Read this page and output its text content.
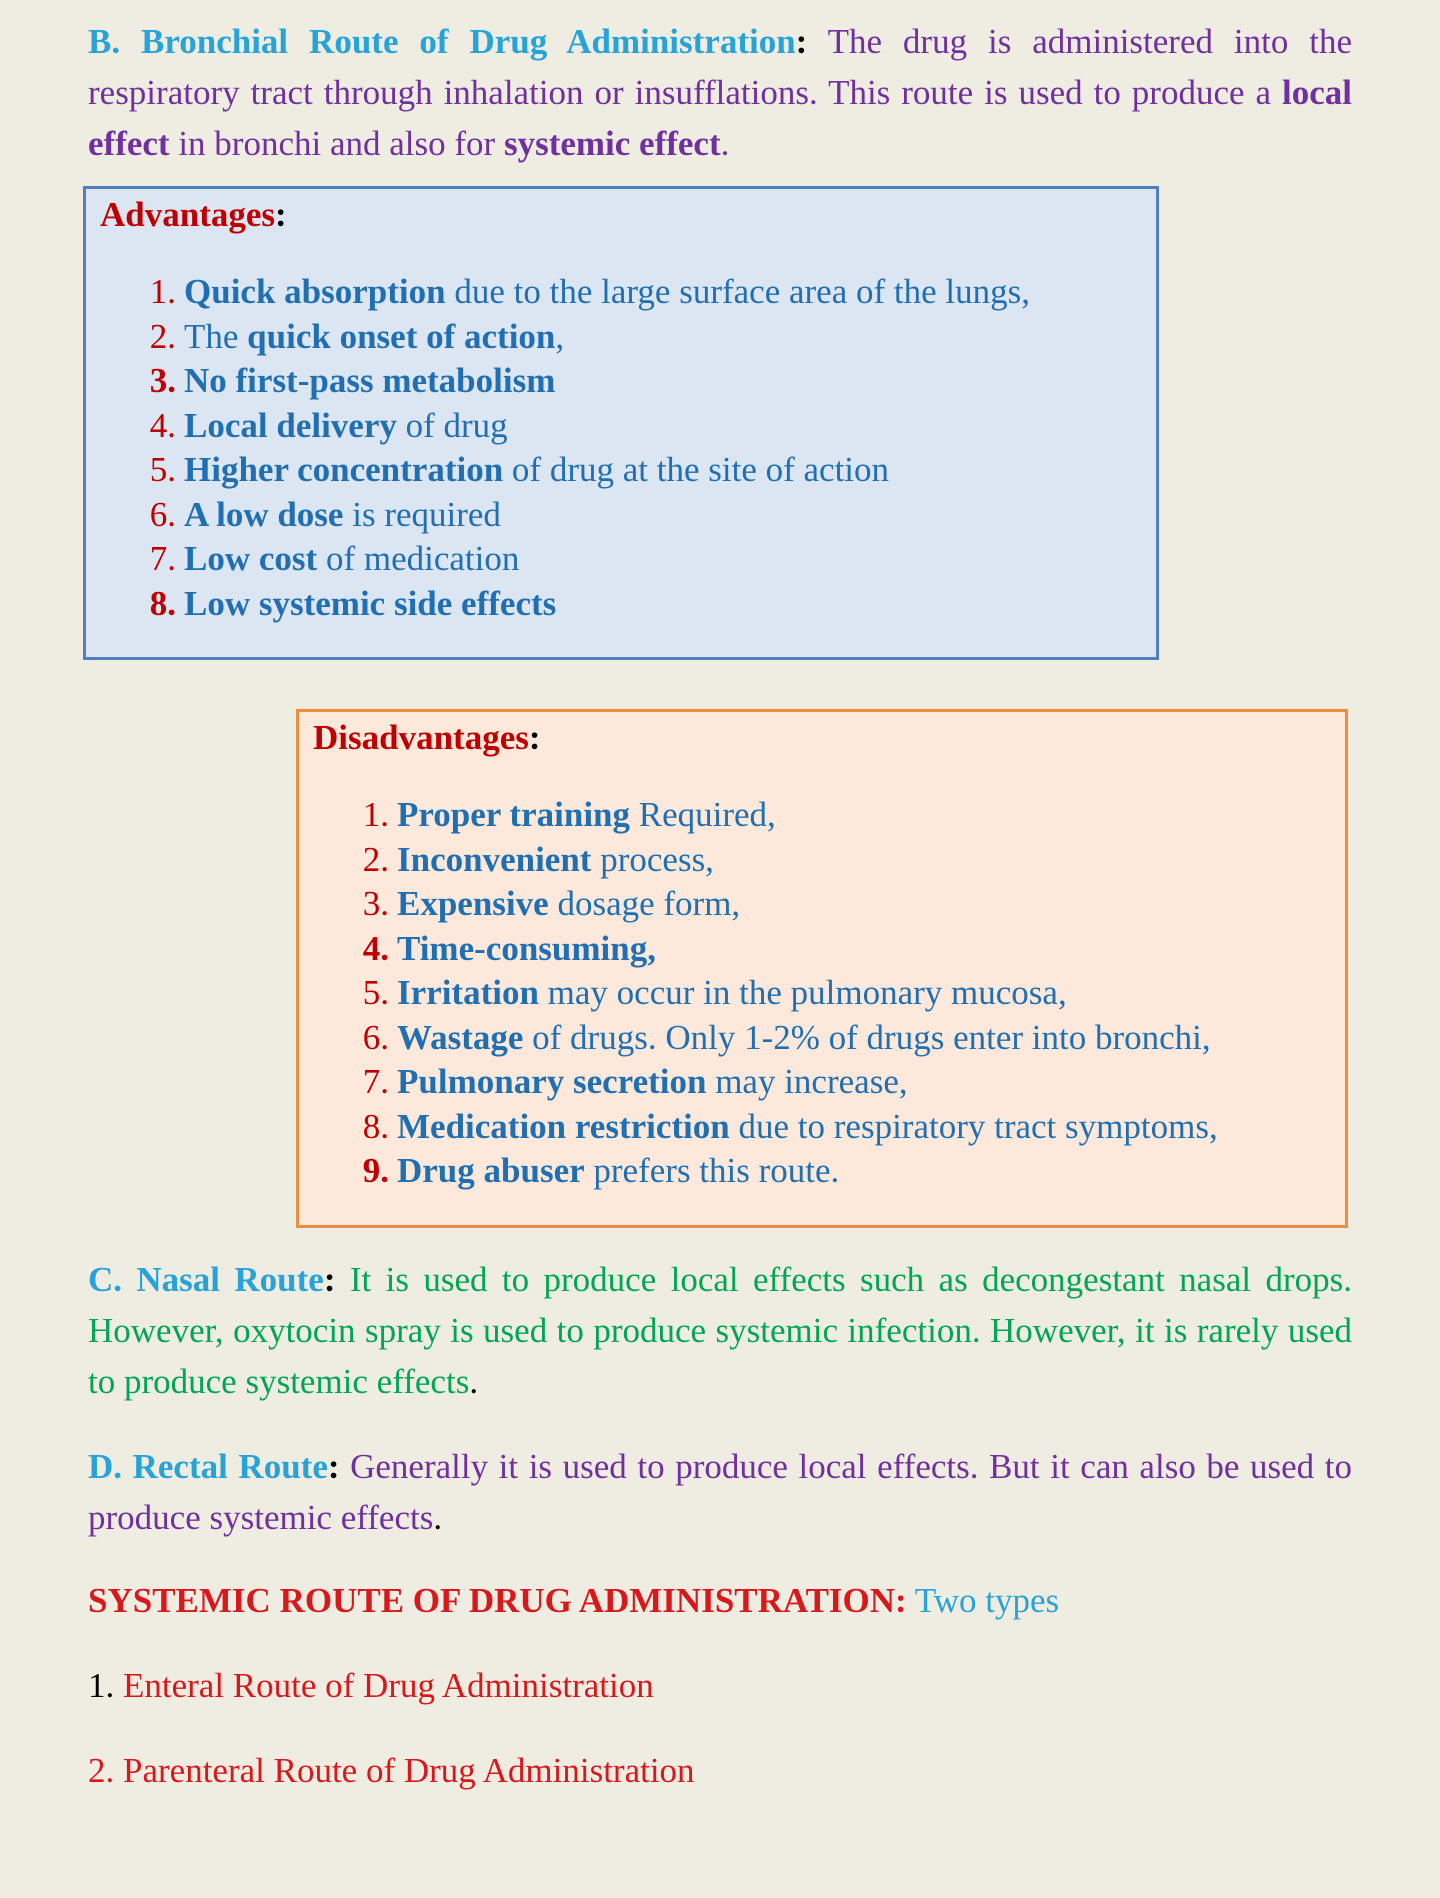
B. Bronchial Route of Drug Administration: The drug is administered into the respiratory tract through inhalation or insufflations. This route is used to produce a local effect in bronchi and also for systemic effect.

Advantages:
1. Quick absorption due to the large surface area of the lungs,
2. The quick onset of action,
3. No first-pass metabolism
4. Local delivery of drug
5. Higher concentration of drug at the site of action
6. A low dose is required
7. Low cost of medication
8. Low systemic side effects
Disadvantages:
1. Proper training Required,
2. Inconvenient process,
3. Expensive dosage form,
4. Time-consuming,
5. Irritation may occur in the pulmonary mucosa,
6. Wastage of drugs. Only 1-2% of drugs enter into bronchi,
7. Pulmonary secretion may increase,
8. Medication restriction due to respiratory tract symptoms,
9. Drug abuser prefers this route.

C. Nasal Route: It is used to produce local effects such as decongestant nasal drops. However, oxytocin spray is used to produce systemic infection. However, it is rarely used to produce systemic effects.

D. Rectal Route: Generally it is used to produce local effects. But it can also be used to produce systemic effects.

SYSTEMIC ROUTE OF DRUG ADMINISTRATION: Two types
1. Enteral Route of Drug Administration
2. Parenteral Route of Drug Administration
